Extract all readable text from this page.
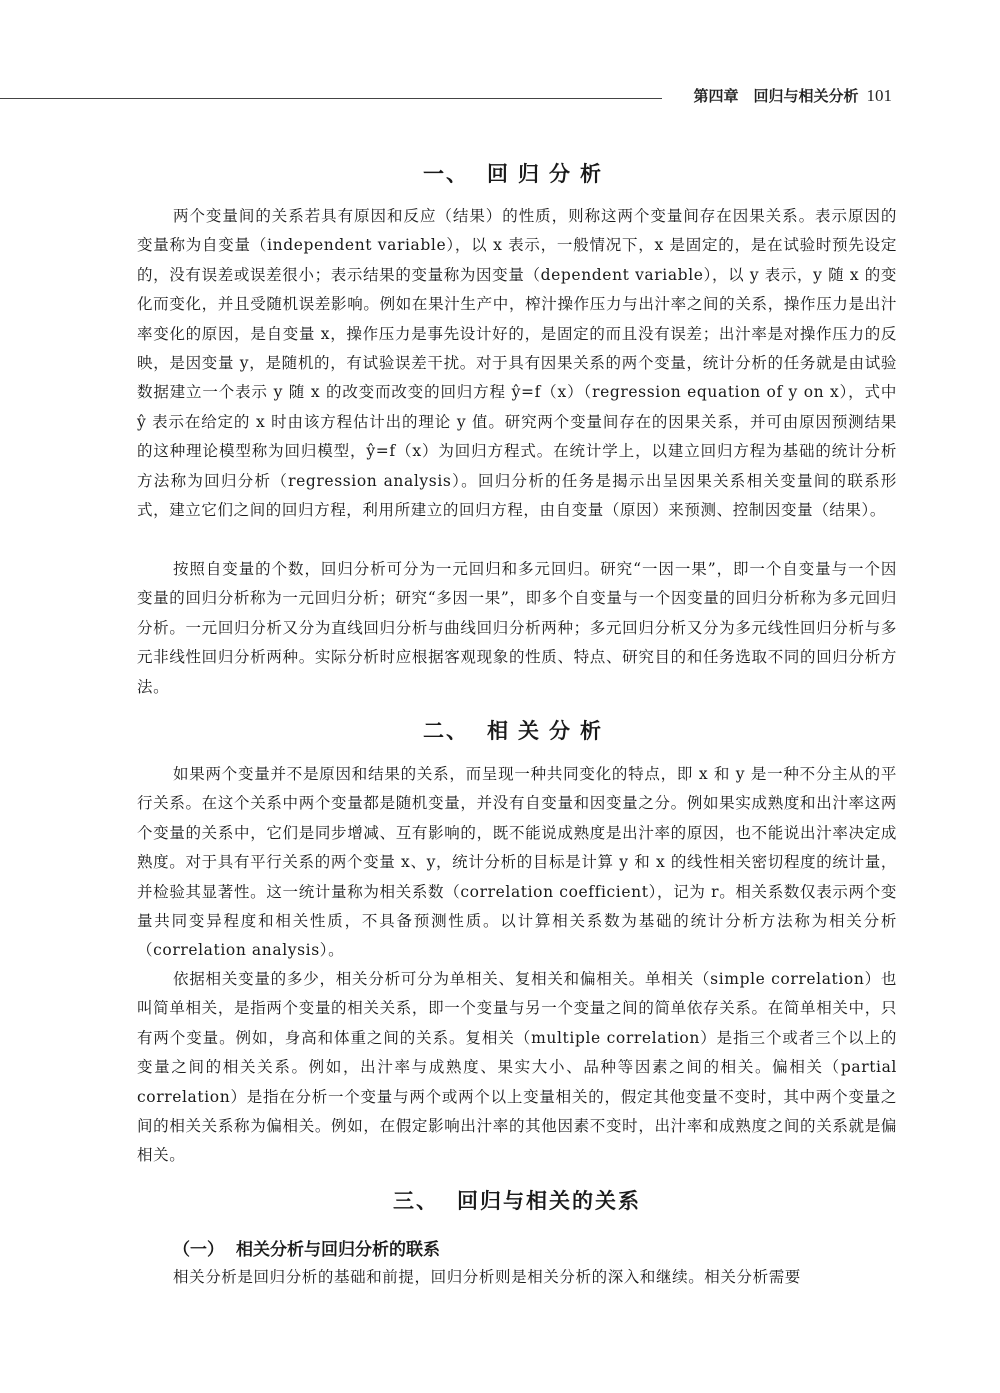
第四章　回归与相关分析 101
一、 回归分析

两个变量间的关系若具有原因和反应（结果）的性质，则称这两个变量间存在因果关系。表示原因的变量称为自变量（independent variable），以 x 表示，一般情况下，x 是固定的，是在试验时预先设定的，没有误差或误差很小；表示结果的变量称为因变量（dependent variable），以 y 表示，y 随 x 的变化而变化，并且受随机误差影响。例如在果汁生产中，榨汁操作压力与出汁率之间的关系，操作压力是出汁率变化的原因，是自变量 x，操作压力是事先设计好的，是固定的而且没有误差；出汁率是对操作压力的反映，是因变量 y，是随机的，有试验误差干扰。对于具有因果关系的两个变量，统计分析的任务就是由试验数据建立一个表示 y 随 x 的改变而改变的回归方程 ŷ=f（x）（regression equation of y on x），式中 ŷ 表示在给定的 x 时由该方程估计出的理论 y 值。研究两个变量间存在的因果关系，并可由原因预测结果的这种理论模型称为回归模型，ŷ=f（x）为回归方程式。在统计学上，以建立回归方程为基础的统计分析方法称为回归分析（regression analysis）。回归分析的任务是揭示出呈因果关系相关变量间的联系形式，建立它们之间的回归方程，利用所建立的回归方程，由自变量（原因）来预测、控制因变量（结果）。

按照自变量的个数，回归分析可分为一元回归和多元回归。研究“一因一果”，即一个自变量与一个因变量的回归分析称为一元回归分析；研究“多因一果”，即多个自变量与一个因变量的回归分析称为多元回归分析。一元回归分析又分为直线回归分析与曲线回归分析两种；多元回归分析又分为多元线性回归分析与多元非线性回归分析两种。实际分析时应根据客观现象的性质、特点、研究目的和任务选取不同的回归分析方法。

二、 相关分析

如果两个变量并不是原因和结果的关系，而呈现一种共同变化的特点，即 x 和 y 是一种不分主从的平行关系。在这个关系中两个变量都是随机变量，并没有自变量和因变量之分。例如果实成熟度和出汁率这两个变量的关系中，它们是同步增减、互有影响的，既不能说成熟度是出汁率的原因，也不能说出汁率决定成熟度。对于具有平行关系的两个变量 x、y，统计分析的目标是计算 y 和 x 的线性相关密切程度的统计量，并检验其显著性。这一统计量称为相关系数（correlation coefficient），记为 r。相关系数仅表示两个变量共同变异程度和相关性质，不具备预测性质。以计算相关系数为基础的统计分析方法称为相关分析（correlation analysis）。

依据相关变量的多少，相关分析可分为单相关、复相关和偏相关。单相关（simple correlation）也叫简单相关，是指两个变量的相关关系，即一个变量与另一个变量之间的简单依存关系。在简单相关中，只有两个变量。例如，身高和体重之间的关系。复相关（multiple correlation）是指三个或者三个以上的变量之间的相关关系。例如，出汁率与成熟度、果实大小、品种等因素之间的相关。偏相关（partial correlation）是指在分析一个变量与两个或两个以上变量相关的，假定其他变量不变时，其中两个变量之间的相关关系称为偏相关。例如，在假定影响出汁率的其他因素不变时，出汁率和成熟度之间的关系就是偏相关。

三、 回归与相关的关系
（一） 相关分析与回归分析的联系

相关分析是回归分析的基础和前提，回归分析则是相关分析的深入和继续。相关分析需要
